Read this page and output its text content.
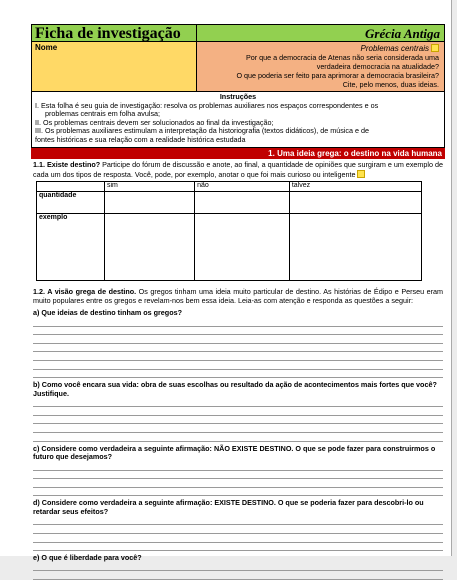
Ficha de investigação	Grécia Antiga
Nome	Problemas centrais
Por que a democracia de Atenas não seria considerada uma
verdadeira democracia na atualidade?
O que poderia ser feito para aprimorar a democracia brasileira?
Cite, pelo menos, duas ideias.
Instruções
I. Esta folha é seu guia de investigação: resolva os problemas auxiliares nos espaços correspondentes e os
problemas centrais em folha avulsa;
II. Os problemas centrais devem ser solucionados ao final da investigação;
III. Os problemas auxiliares estimulam a interpretação da historiografia (textos didáticos), de música e de
fontes históricas e sua relação com a realidade histórica estudada
1. Uma ideia grega: o destino na vida humana
1.1. Existe destino? Participe do fórum de discussão e anote, ao final, a quantidade de opiniões que surgiram e um exemplo de cada um dos tipos de resposta. Você, pode, por exemplo, anotar o que foi mais curioso ou inteligente
	sim	não	talvez
quantidade			
exemplo			
1.2. A visão grega de destino. Os gregos tinham uma ideia muito particular de destino. As histórias de Édipo e Perseu eram muito populares entre os gregos e revelam-nos bem essa ideia. Leia-as com atenção e responda as questões a seguir:
a) Que ideias de destino tinham os gregos?
b) Como você encara sua vida: obra de suas escolhas ou resultado da ação de acontecimentos mais fortes que você? Justifique.
c) Considere como verdadeira a seguinte afirmação: NÃO EXISTE DESTINO. O que se pode fazer para construirmos o futuro que desejamos?
d) Considere como verdadeira a seguinte afirmação: EXISTE DESTINO. O que se poderia fazer para descobri-lo ou retardar seus efeitos?
e) O que é liberdade para você?
